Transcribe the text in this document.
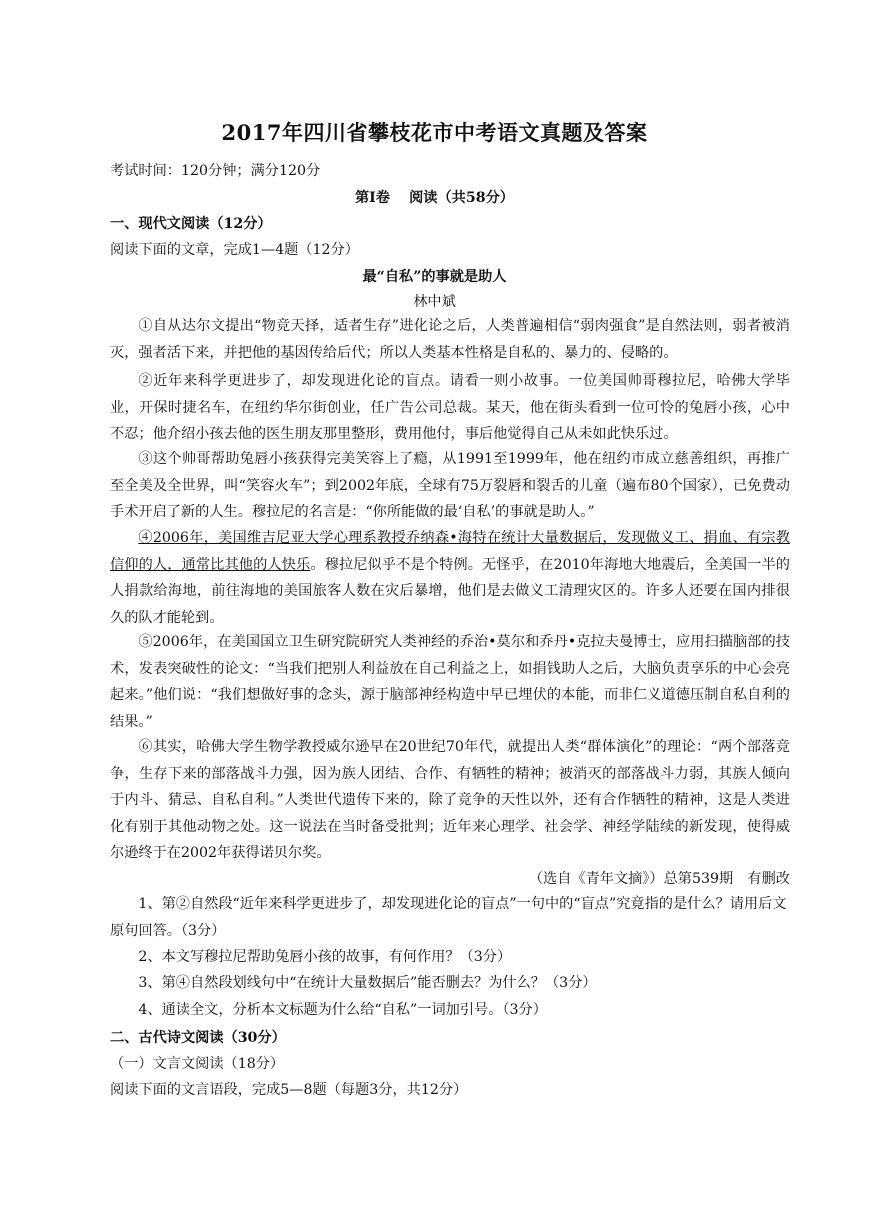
2017年四川省攀枝花市中考语文真题及答案
考试时间：120分钟；满分120分
第Ⅰ卷　 阅读（共58分）
一、现代文阅读（12分）
阅读下面的文章，完成1—4题（12分）
最“自私”的事就是助人
林中斌
①自从达尔文提出“物竞天择，适者生存”进化论之后，人类普遍相信“弱肉强食”是自然法则，弱者被消灭，强者活下来，并把他的基因传给后代；所以人类基本性格是自私的、暴力的、侵略的。
②近年来科学更进步了，却发现进化论的盲点。请看一则小故事。一位美国帅哥穆拉尼，哈佛大学毕业，开保时捷名车，在纽约华尔街创业，任广告公司总裁。某天，他在街头看到一位可怜的兔唇小孩，心中不忍；他介绍小孩去他的医生朋友那里整形，费用他付，事后他觉得自己从未如此快乐过。
③这个帅哥帮助兔唇小孩获得完美笑容上了瘾，从1991至1999年，他在纽约市成立慈善组织，再推广至全美及全世界，叫“笑容火车”；到2002年底，全球有75万裂唇和裂舌的儿童（遍布80个国家），已免费动手术开启了新的人生。穆拉尼的名言是：“你所能做的最‘自私’的事就是助人。”
④2006年，美国维吉尼亚大学心理系教授乔纳森•海特在统计大量数据后，发现做义工、捐血、有宗教信仰的人，通常比其他的人快乐。穆拉尼似乎不是个特例。无怪乎，在2010年海地大地震后，全美国一半的人捐款给海地，前往海地的美国旅客人数在灾后暴增，他们是去做义工清理灾区的。许多人还要在国内排很久的队才能轮到。
⑤2006年，在美国国立卫生研究院研究人类神经的乔治•莫尔和乔丹•克拉夫曼博士，应用扫描脑部的技术，发表突破性的论文：“当我们把别人利益放在自己利益之上，如捐钱助人之后，大脑负责享乐的中心会亮起来。”他们说：“我们想做好事的念头，源于脑部神经构造中早已埋伏的本能，而非仁义道德压制自私自利的结果。”
⑥其实，哈佛大学生物学教授威尔逊早在20世纪70年代，就提出人类“群体演化”的理论：“两个部落竞争，生存下来的部落战斗力强，因为族人团结、合作、有牺牲的精神；被消灭的部落战斗力弱，其族人倾向于内斗、猜忌、自私自利。”人类世代遗传下来的，除了竞争的天性以外，还有合作牺牲的精神，这是人类进化有别于其他动物之处。这一说法在当时备受批判；近年来心理学、社会学、神经学陆续的新发现，使得威尔逊终于在2002年获得诺贝尔奖。
（选自《青年文摘》）总第539期　有删改
1、第②自然段“近年来科学更进步了，却发现进化论的盲点”一句中的“盲点”究竟指的是什么？请用后文原句回答。（3分）
2、本文写穆拉尼帮助兔唇小孩的故事，有何作用？（3分）
3、第④自然段划线句中“在统计大量数据后”能否删去？为什么？（3分）
4、通读全文，分析本文标题为什么给“自私”一词加引号。（3分）
二、古代诗文阅读（30分）
（一）文言文阅读（18分）
阅读下面的文言语段，完成5—8题（每题3分，共12分）
